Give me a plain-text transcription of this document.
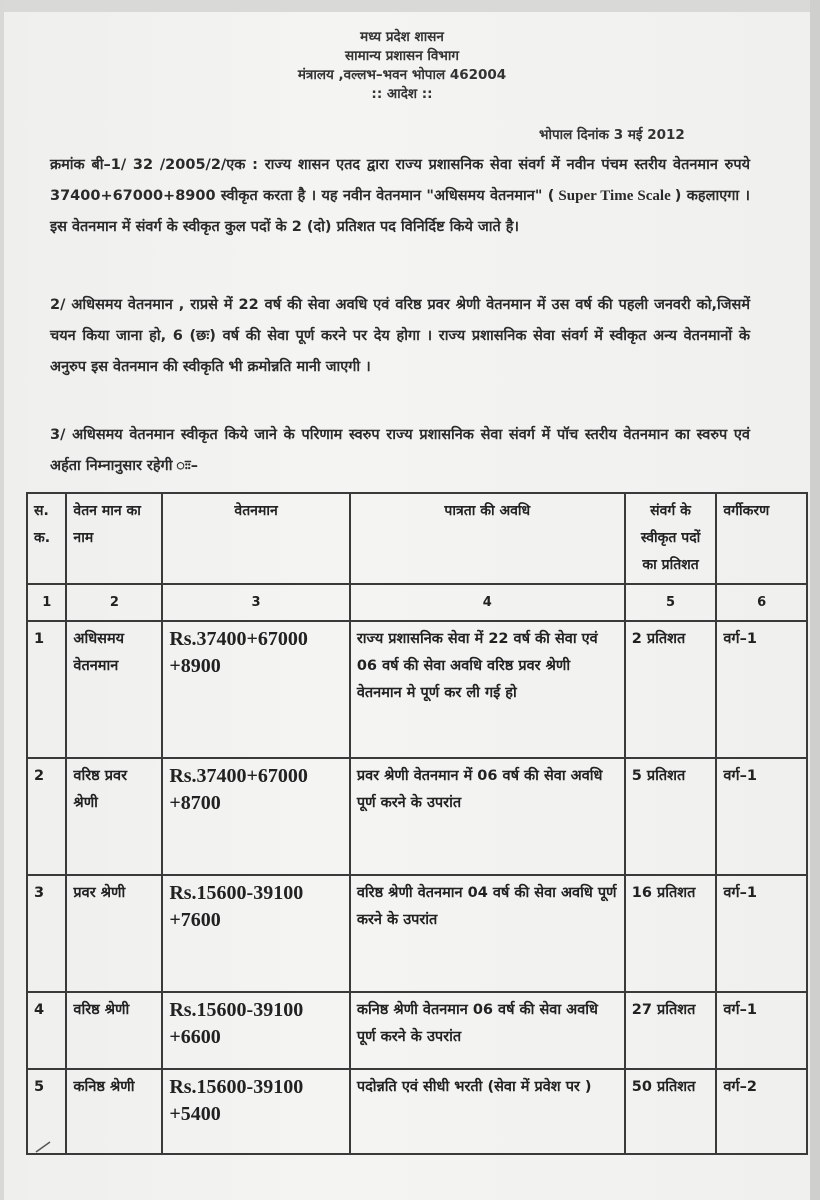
मध्य प्रदेश शासन
सामान्य प्रशासन विभाग
मंत्रालय ,वल्लभ–भवन भोपाल 462004
:: आदेश ::
भोपाल दिनांक 3 मई 2012
क्रमांक बी–1/ 32 /2005/2/एक : राज्य शासन एतद द्वारा राज्य प्रशासनिक सेवा संवर्ग में नवीन पंचम स्तरीय वेतनमान रुपये 37400+67000+8900 स्वीकृत करता है । यह नवीन वेतनमान "अधिसमय वेतनमान" ( Super Time Scale ) कहलाएगा । इस वेतनमान में संवर्ग के स्वीकृत कुल पदों के 2 (दो) प्रतिशत पद विनिर्दिष्ट किये जाते है।
2/ अधिसमय वेतनमान , राप्रसे में 22 वर्ष की सेवा अवधि एवं वरिष्ठ प्रवर श्रेणी वेतनमान में उस वर्ष की पहली जनवरी को,जिसमें चयन किया जाना हो, 6 (छः) वर्ष की सेवा पूर्ण करने पर देय होगा । राज्य प्रशासनिक सेवा संवर्ग में स्वीकृत अन्य वेतनमानों के अनुरुप इस वेतनमान की स्वीकृति भी क्रमोन्नति मानी जाएगी ।
3/ अधिसमय वेतनमान स्वीकृत किये जाने के परिणाम स्वरुप राज्य प्रशासनिक सेवा संवर्ग में पॉच स्तरीय वेतनमान का स्वरुप एवं अर्हता निम्नानुसार रहेगी ःः–
स. क.	वेतन मान का नाम	वेतनमान	पात्रता की अवधि	संवर्ग के स्वीकृत पदों का प्रतिशत	वर्गीकरण
1	2	3	4	5	6
1	अधिसमय वेतनमान	Rs.37400+67000 +8900	राज्य प्रशासनिक सेवा में 22 वर्ष की सेवा एवं 06 वर्ष की सेवा अवधि वरिष्ठ प्रवर श्रेणी वेतनमान मे पूर्ण कर ली गई हो	2 प्रतिशत	वर्ग–1
2	वरिष्ठ प्रवर श्रेणी	Rs.37400+67000 +8700	प्रवर श्रेणी वेतनमान में 06 वर्ष की सेवा अवधि पूर्ण करने के उपरांत	5 प्रतिशत	वर्ग–1
3	प्रवर श्रेणी	Rs.15600-39100 +7600	वरिष्ठ श्रेणी वेतनमान 04 वर्ष की सेवा अवधि पूर्ण करने के उपरांत	16 प्रतिशत	वर्ग–1
4	वरिष्ठ श्रेणी	Rs.15600-39100 +6600	कनिष्ठ श्रेणी वेतनमान 06 वर्ष की सेवा अवधि पूर्ण करने के उपरांत	27 प्रतिशत	वर्ग–1
5	कनिष्ठ श्रेणी	Rs.15600-39100 +5400	पदोन्नति एवं सीधी भरती (सेवा में प्रवेश पर )	50 प्रतिशत	वर्ग–2
